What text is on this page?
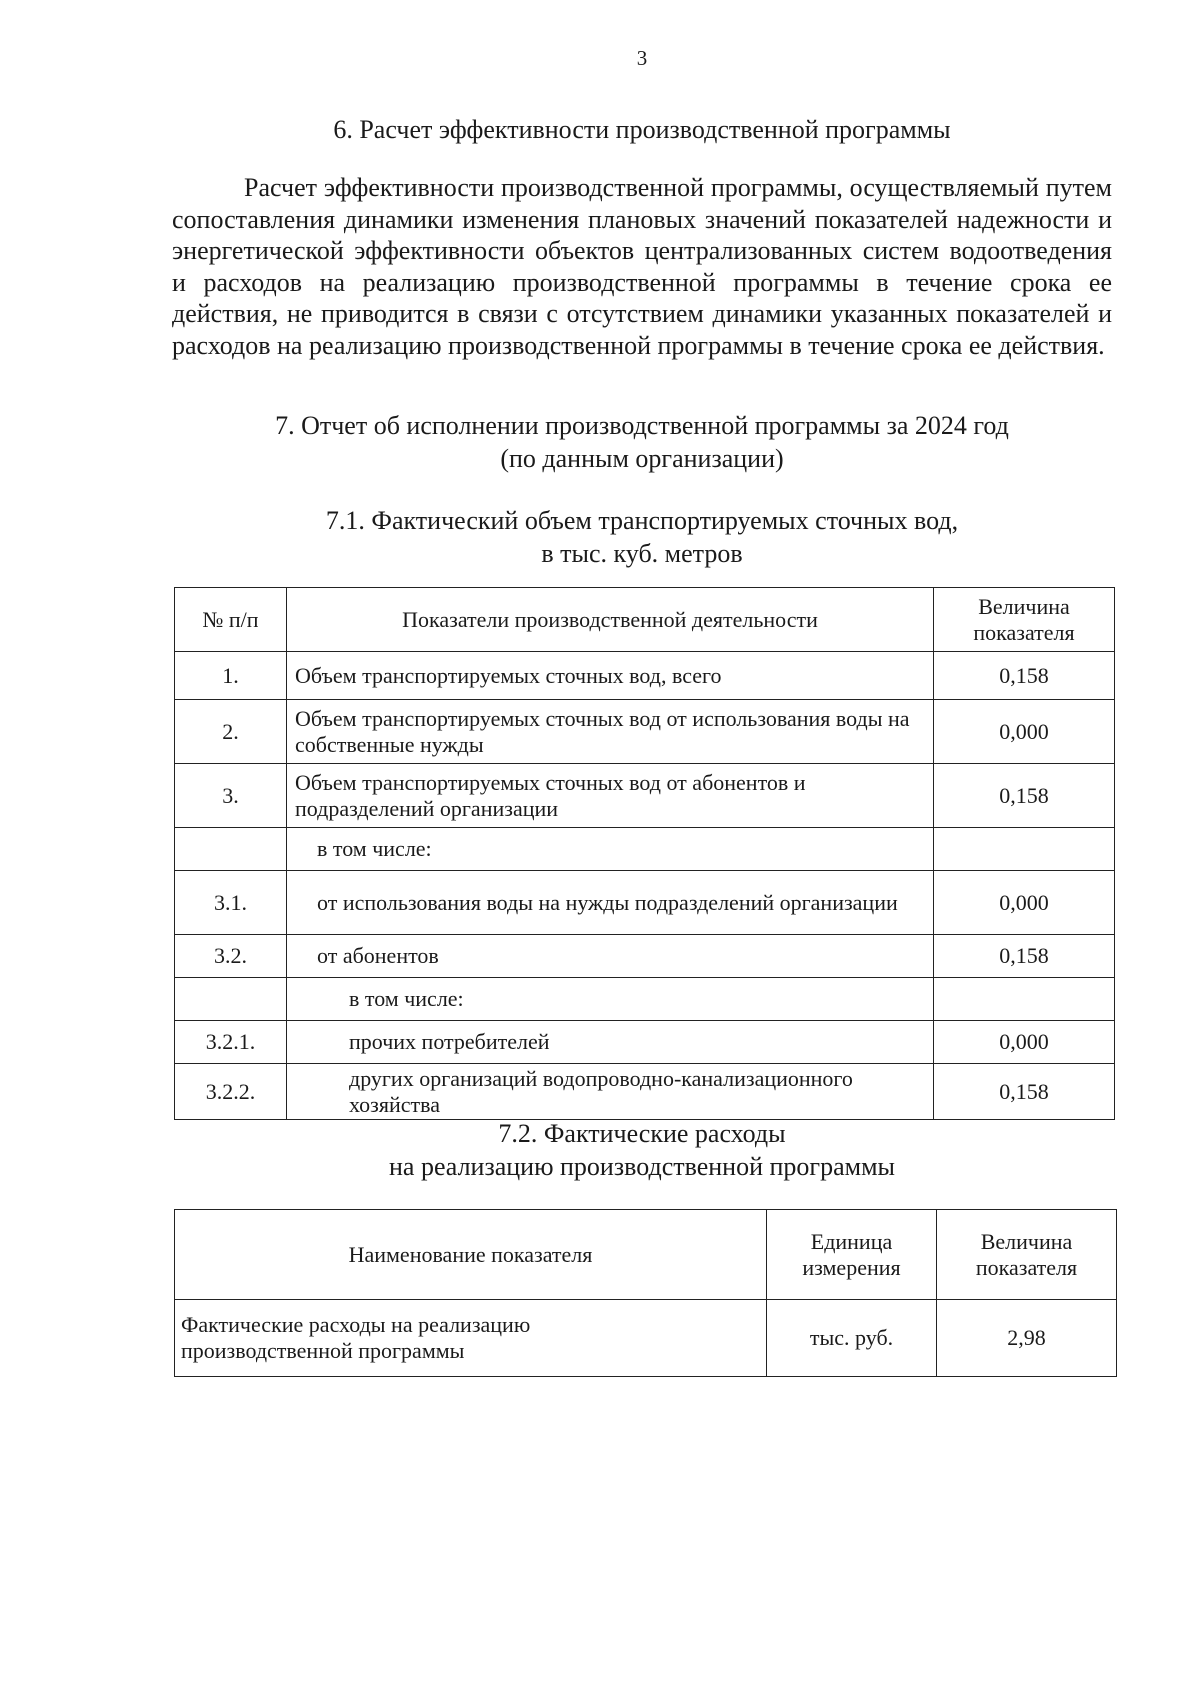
3
6. Расчет эффективности производственной программы
Расчет эффективности производственной программы, осуществляемый путем сопоставления динамики изменения плановых значений показателей надежности и энергетической эффективности объектов централизованных систем водоотведения и расходов на реализацию производственной программы в течение срока ее действия, не приводится в связи с отсутствием динамики указанных показателей и расходов на реализацию производственной программы в течение срока ее действия.
7. Отчет об исполнении производственной программы за 2024 год
(по данным организации)
7.1. Фактический объем транспортируемых сточных вод,
в тыс. куб. метров
№ п/п	Показатели производственной деятельности	Величина показателя
1.	Объем транспортируемых сточных вод, всего	0,158
2.	Объем транспортируемых сточных вод от использования воды на собственные нужды	0,000
3.	Объем транспортируемых сточных вод от абонентов и подразделений организации	0,158
	в том числе:	
3.1.	от использования воды на нужды подразделений организации	0,000
3.2.	от абонентов	0,158
	в том числе:	
3.2.1.	прочих потребителей	0,000
3.2.2.	других организаций водопроводно-канализационного хозяйства	0,158
7.2. Фактические расходы
на реализацию производственной программы
Наименование показателя	Единица измерения	Величина показателя
Фактические расходы на реализацию производственной программы	тыс. руб.	2,98
